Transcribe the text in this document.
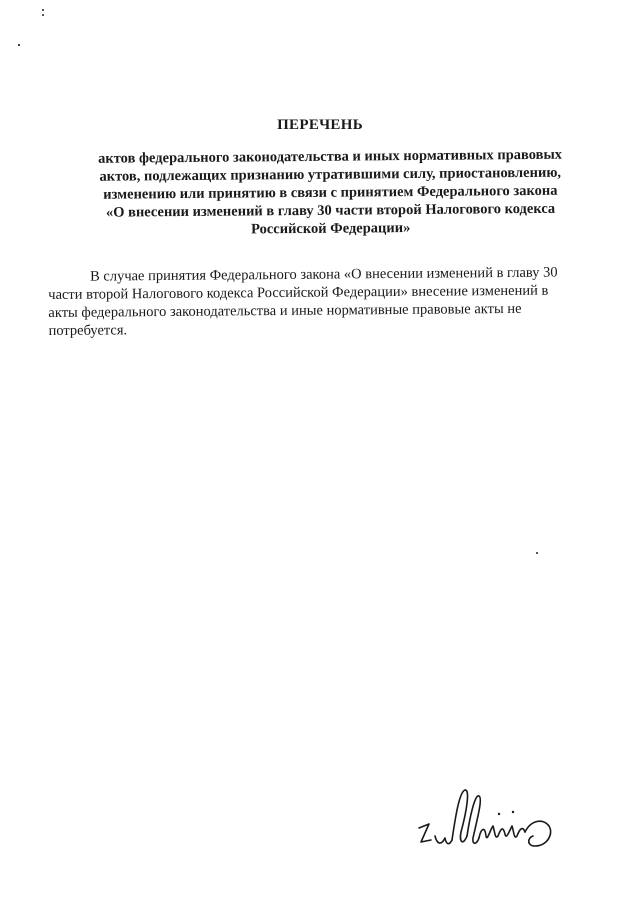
ПЕРЕЧЕНЬ
актов федерального законодательства и иных нормативных правовых
актов, подлежащих признанию утратившими силу, приостановлению,
изменению или принятию в связи с принятием Федерального закона
«О внесении изменений в главу 30 части второй Налогового кодекса
Российской Федерации»
В случае принятия Федерального закона «О внесении изменений в главу 30
части второй Налогового кодекса Российской Федерации» внесение изменений в
акты федерального законодательства и иные нормативные правовые акты не
потребуется.
